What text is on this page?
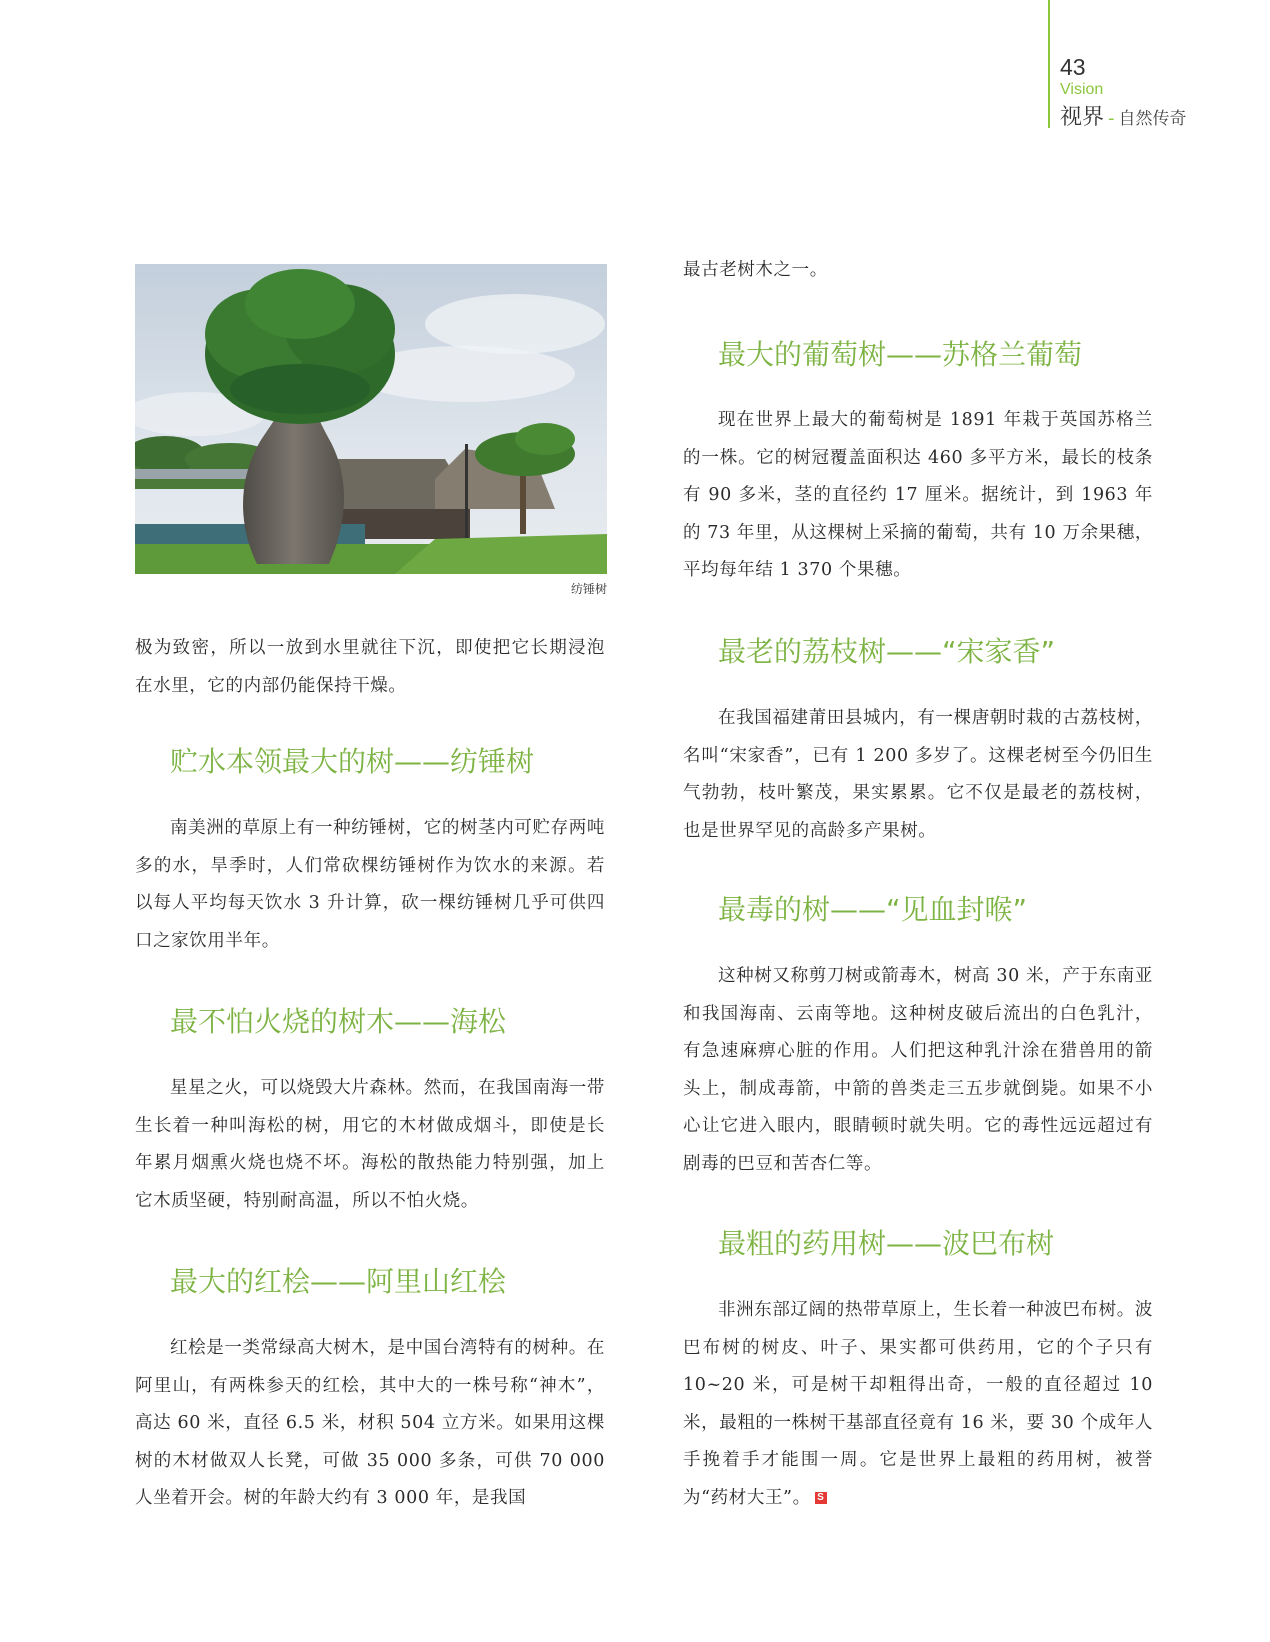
43
Vision
视界 - 自然传奇
纺锤树

极为致密，所以一放到水里就往下沉，即使把它长期浸泡在水里，它的内部仍能保持干燥。

贮水本领最大的树——纺锤树

南美洲的草原上有一种纺锤树，它的树茎内可贮存两吨多的水，旱季时，人们常砍棵纺锤树作为饮水的来源。若以每人平均每天饮水 3 升计算，砍一棵纺锤树几乎可供四口之家饮用半年。

最不怕火烧的树木——海松

星星之火，可以烧毁大片森林。然而，在我国南海一带生长着一种叫海松的树，用它的木材做成烟斗，即使是长年累月烟熏火烧也烧不坏。海松的散热能力特别强，加上它木质坚硬，特别耐高温，所以不怕火烧。

最大的红桧——阿里山红桧

红桧是一类常绿高大树木，是中国台湾特有的树种。在阿里山，有两株参天的红桧，其中大的一株号称“神木”，高达 60 米，直径 6.5 米，材积 504 立方米。如果用这棵树的木材做双人长凳，可做 35 000 多条，可供 70 000 人坐着开会。树的年龄大约有 3 000 年，是我国

最古老树木之一。

最大的葡萄树——苏格兰葡萄

现在世界上最大的葡萄树是 1891 年栽于英国苏格兰的一株。它的树冠覆盖面积达 460 多平方米，最长的枝条有 90 多米，茎的直径约 17 厘米。据统计，到 1963 年的 73 年里，从这棵树上采摘的葡萄，共有 10 万余果穗，平均每年结 1 370 个果穗。

最老的荔枝树——“宋家香”

在我国福建莆田县城内，有一棵唐朝时栽的古荔枝树，名叫“宋家香”，已有 1 200 多岁了。这棵老树至今仍旧生气勃勃，枝叶繁茂，果实累累。它不仅是最老的荔枝树，也是世界罕见的高龄多产果树。

最毒的树——“见血封喉”

这种树又称剪刀树或箭毒木，树高 30 米，产于东南亚和我国海南、云南等地。这种树皮破后流出的白色乳汁，有急速麻痹心脏的作用。人们把这种乳汁涂在猎兽用的箭头上，制成毒箭，中箭的兽类走三五步就倒毙。如果不小心让它进入眼内，眼睛顿时就失明。它的毒性远远超过有剧毒的巴豆和苦杏仁等。

最粗的药用树——波巴布树

非洲东部辽阔的热带草原上，生长着一种波巴布树。波巴布树的树皮、叶子、果实都可供药用，它的个子只有 10~20 米，可是树干却粗得出奇，一般的直径超过 10 米，最粗的一株树干基部直径竟有 16 米，要 30 个成年人手挽着手才能围一周。它是世界上最粗的药用树，被誉为“药材大王”。 S
